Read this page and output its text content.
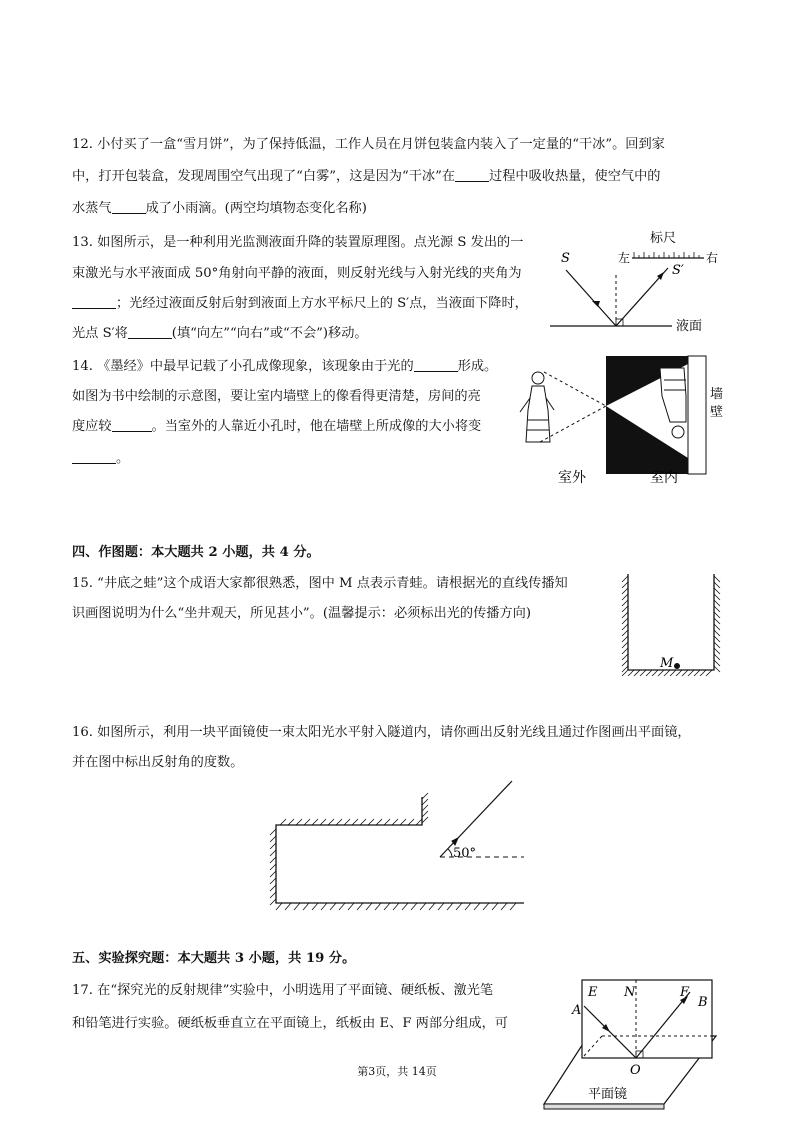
12. 小付买了一盒“雪月饼”，为了保持低温，工作人员在月饼包装盒内装入了一定量的“干冰”。回到家
中，打开包装盒，发现周围空气出现了“白雾”，这是因为“干冰”在	过程中吸收热量，使空气中的
水蒸气	成了小雨滴。(两空均填物态变化名称)
13. 如图所示，是一种利用光监测液面升降的装置原理图。点光源 S 发出的一
束激光与水平液面成 50°角射向平静的液面，则反射光线与入射光线的夹角为
；光经过液面反射后射到液面上方水平标尺上的 S′点，当液面下降时，
光点 S′将	(填“向左”“向右”或“不会”)移动。
标尺
左	右
S
S′
液面
14. 《墨经》中最早记载了小孔成像现象，该现象由于光的	形成。
如图为书中绘制的示意图，要让室内墙壁上的像看得更清楚，房间的亮
度应较	。当室外的人靠近小孔时，他在墙壁上所成像的大小将变
。
墙
壁
室外	室内
四、作图题：本大题共 2 小题，共 4 分。
15. “井底之蛙”这个成语大家都很熟悉，图中 M 点表示青蛙。请根据光的直线传播知
识画图说明为什么“坐井观天，所见甚小”。(温馨提示：必须标出光的传播方向)
M
16. 如图所示，利用一块平面镜使一束太阳光水平射入隧道内，请你画出反射光线且通过作图画出平面镜，
并在图中标出反射角的度数。
50°
五、实验探究题：本大题共 3 小题，共 19 分。
17. 在“探究光的反射规律”实验中，小明选用了平面镜、硬纸板、激光笔
和铅笔进行实验。硬纸板垂直立在平面镜上，纸板由 E、F 两部分组成，可
平面镜
E N	F
A
B
O
第3页，共 14页
